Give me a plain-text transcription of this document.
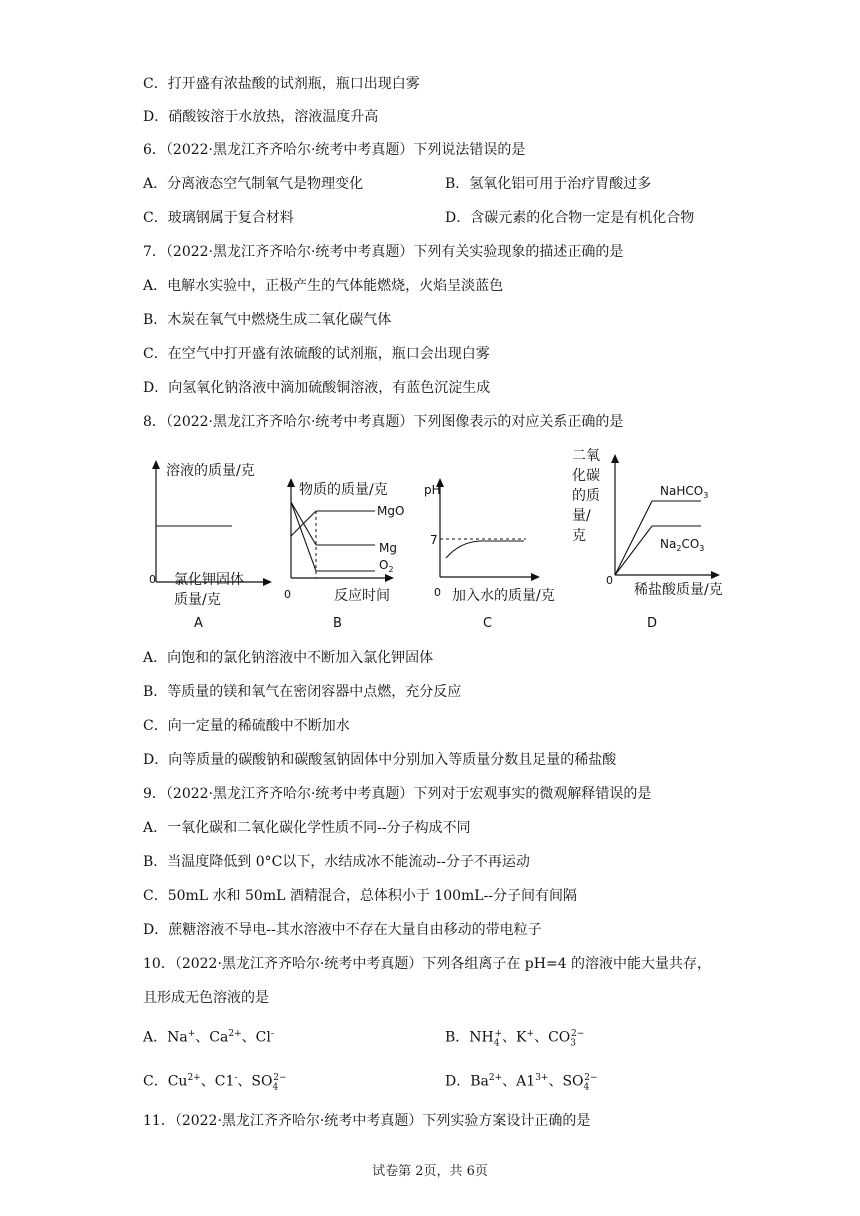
C．打开盛有浓盐酸的试剂瓶，瓶口出现白雾
D．硝酸铵溶于水放热，溶液温度升高
6．（2022·黑龙江齐齐哈尔·统考中考真题）下列说法错误的是
A．分离液态空气制氧气是物理变化	B．氢氧化铝可用于治疗胃酸过多
C．玻璃钢属于复合材料	D．含碳元素的化合物一定是有机化合物
7．（2022·黑龙江齐齐哈尔·统考中考真题）下列有关实验现象的描述正确的是
A．电解水实验中，正极产生的气体能燃烧，火焰呈淡蓝色
B．木炭在氧气中燃烧生成二氧化碳气体
C．在空气中打开盛有浓硫酸的试剂瓶，瓶口会出现白雾
D．向氢氧化钠洛液中滴加硫酸铜溶液，有蓝色沉淀生成
8．（2022·黑龙江齐齐哈尔·统考中考真题）下列图像表示的对应关系正确的是
溶液的质量/克
0 氯化钾固体
质量/克
A
物质的质量/克
MgO
Mg
$O_2$
0	反应时间
B
pH
7
0 加入水的质量/克
C
二氧
化碳
的质
量/
克
NaHCO$_3$
$Na_2CO_3$
0
稀盐酸质量/克
D
A．向饱和的氯化钠溶液中不断加入氯化钾固体
B．等质量的镁和氧气在密闭容器中点燃，充分反应
C．向一定量的稀硫酸中不断加水
D．向等质量的碳酸钠和碳酸氢钠固体中分别加入等质量分数且足量的稀盐酸
9．（2022·黑龙江齐齐哈尔·统考中考真题）下列对于宏观事实的微观解释错误的是
A．一氧化碳和二氧化碳化学性质不同--分子构成不同
B．当温度降低到 0°C以下，水结成冰不能流动--分子不再运动
C．50mL 水和 50mL 酒精混合，总体积小于 100mL--分子间有间隔
D．蔗糖溶液不导电--其水溶液中不存在大量自由移动的带电粒子
10．（2022·黑龙江齐齐哈尔·统考中考真题）下列各组离子在 pH=4 的溶液中能大量共存，
且形成无色溶液的是
A．Na+、$Ca^{2+}$、Cl-	B．$NH_4^+$、K+、$CO_3^{2-}$
C．$Cu^{2+}$、C1-、$SO_4^{2-}$	D．$Ba^{2+}$、$A1^{3+}$、$SO_4^{2-}$
11．（2022·黑龙江齐齐哈尔·统考中考真题）下列实验方案设计正确的是
试卷第 2页，共 6页
